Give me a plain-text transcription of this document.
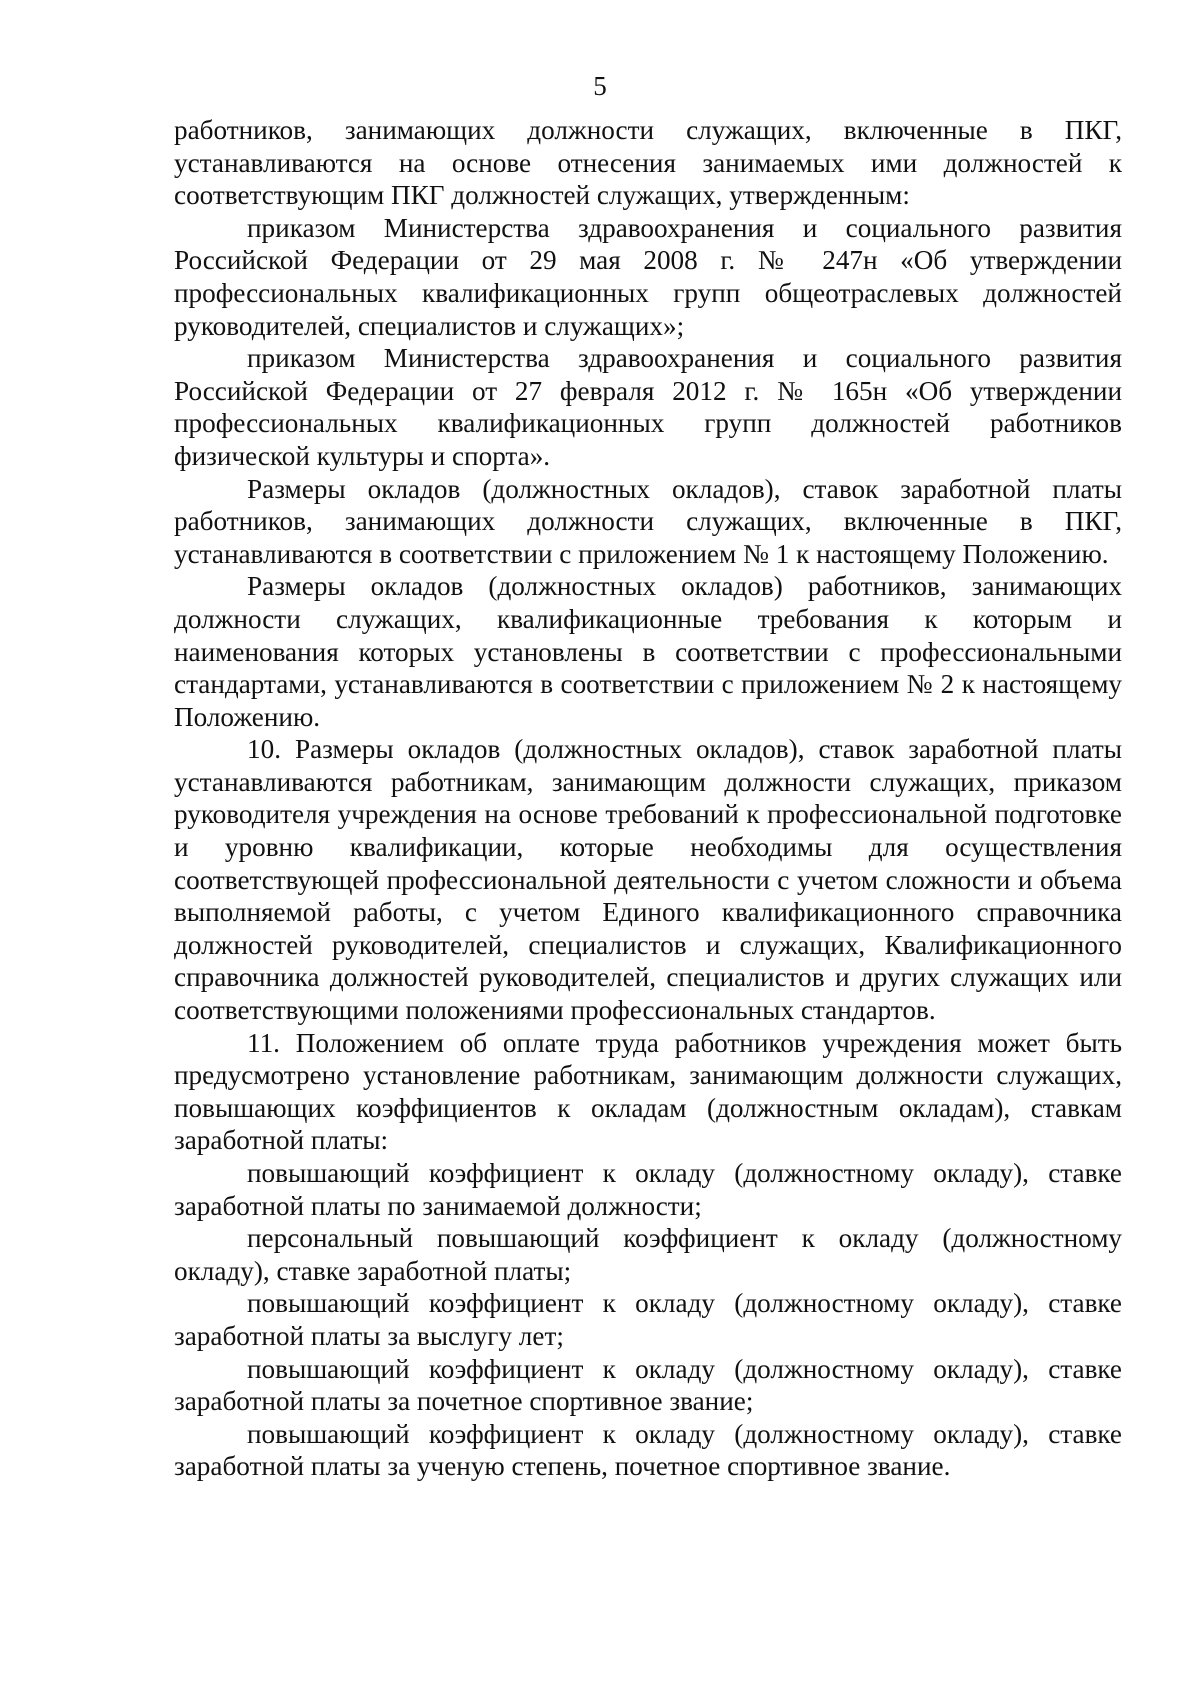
5

работников, занимающих должности служащих, включенные в ПКГ, устанавливаются на основе отнесения занимаемых ими должностей к соответствующим ПКГ должностей служащих, утвержденным:

приказом Министерства здравоохранения и социального развития Российской Федерации от 29 мая 2008 г. № 247н «Об утверждении профессиональных квалификационных групп общеотраслевых должностей руководителей, специалистов и служащих»;

приказом Министерства здравоохранения и социального развития Российской Федерации от 27 февраля 2012 г. № 165н «Об утверждении профессиональных квалификационных групп должностей работников физической культуры и спорта».

Размеры окладов (должностных окладов), ставок заработной платы работников, занимающих должности служащих, включенные в ПКГ, устанавливаются в соответствии с приложением № 1 к настоящему Положению.

Размеры окладов (должностных окладов) работников, занимающих должности служащих, квалификационные требования к которым и наименования которых установлены в соответствии с профессиональными стандартами, устанавливаются в соответствии с приложением № 2 к настоящему Положению.

10. Размеры окладов (должностных окладов), ставок заработной платы устанавливаются работникам, занимающим должности служащих, приказом руководителя учреждения на основе требований к профессиональной подготовке и уровню квалификации, которые необходимы для осуществления соответствующей профессиональной деятельности с учетом сложности и объема выполняемой работы, с учетом Единого квалификационного справочника должностей руководителей, специалистов и служащих, Квалификационного справочника должностей руководителей, специалистов и других служащих или соответствующими положениями профессиональных стандартов.

11. Положением об оплате труда работников учреждения может быть предусмотрено установление работникам, занимающим должности служащих, повышающих коэффициентов к окладам (должностным окладам), ставкам заработной платы:

повышающий коэффициент к окладу (должностному окладу), ставке заработной платы по занимаемой должности;

персональный повышающий коэффициент к окладу (должностному окладу), ставке заработной платы;

повышающий коэффициент к окладу (должностному окладу), ставке заработной платы за выслугу лет;

повышающий коэффициент к окладу (должностному окладу), ставке заработной платы за почетное спортивное звание;

повышающий коэффициент к окладу (должностному окладу), ставке заработной платы за ученую степень, почетное спортивное звание.
